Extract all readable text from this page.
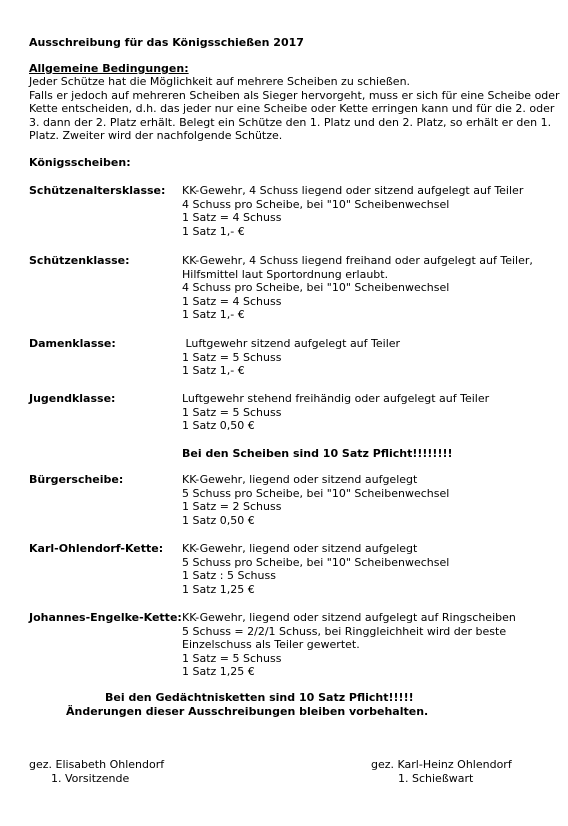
Ausschreibung für das Königsschießen 2017
Allgemeine Bedingungen:
Jeder Schütze hat die Möglichkeit auf mehrere Scheiben zu schießen.
Falls er jedoch auf mehreren Scheiben als Sieger hervorgeht, muss er sich für eine Scheibe oder
Kette entscheiden, d.h. das jeder nur eine Scheibe oder Kette erringen kann und für die 2. oder
3. dann der 2. Platz erhält. Belegt ein Schütze den 1. Platz und den 2. Platz, so erhält er den 1.
Platz. Zweiter wird der nachfolgende Schütze.
Königsscheiben:
Schützenaltersklasse: KK-Gewehr, 4 Schuss liegend oder sitzend aufgelegt auf Teiler
4 Schuss pro Scheibe, bei "10" Scheibenwechsel
1 Satz = 4 Schuss
1 Satz 1,- €
Schützenklasse:	KK-Gewehr, 4 Schuss liegend freihand oder aufgelegt auf Teiler,
Hilfsmittel laut Sportordnung erlaubt.
4 Schuss pro Scheibe, bei "10" Scheibenwechsel
1 Satz = 4 Schuss
1 Satz 1,- €
Damenklasse:	Luftgewehr sitzend aufgelegt auf Teiler
1 Satz = 5 Schuss
1 Satz 1,- €
Jugendklasse:	Luftgewehr stehend freihändig oder aufgelegt auf Teiler
1 Satz = 5 Schuss
1 Satz 0,50 €
Bei den Scheiben sind 10 Satz Pflicht!!!!!!!!
Bürgerscheibe:	KK-Gewehr, liegend oder sitzend aufgelegt
5 Schuss pro Scheibe, bei "10" Scheibenwechsel
1 Satz = 2 Schuss
1 Satz 0,50 €
Karl-Ohlendorf-Kette: KK-Gewehr, liegend oder sitzend aufgelegt
5 Schuss pro Scheibe, bei "10" Scheibenwechsel
1 Satz : 5 Schuss
1 Satz 1,25 €
Johannes-Engelke-Kette: KK-Gewehr, liegend oder sitzend aufgelegt auf Ringscheiben
5 Schuss = 2/2/1 Schuss, bei Ringgleichheit wird der beste
Einzelschuss als Teiler gewertet.
1 Satz = 5 Schuss
1 Satz 1,25 €
Bei den Gedächtnisketten sind 10 Satz Pflicht!!!!!
Änderungen dieser Ausschreibungen bleiben vorbehalten.
gez. Elisabeth Ohlendorf
1. Vorsitzende
gez. Karl-Heinz Ohlendorf
1. Schießwart
